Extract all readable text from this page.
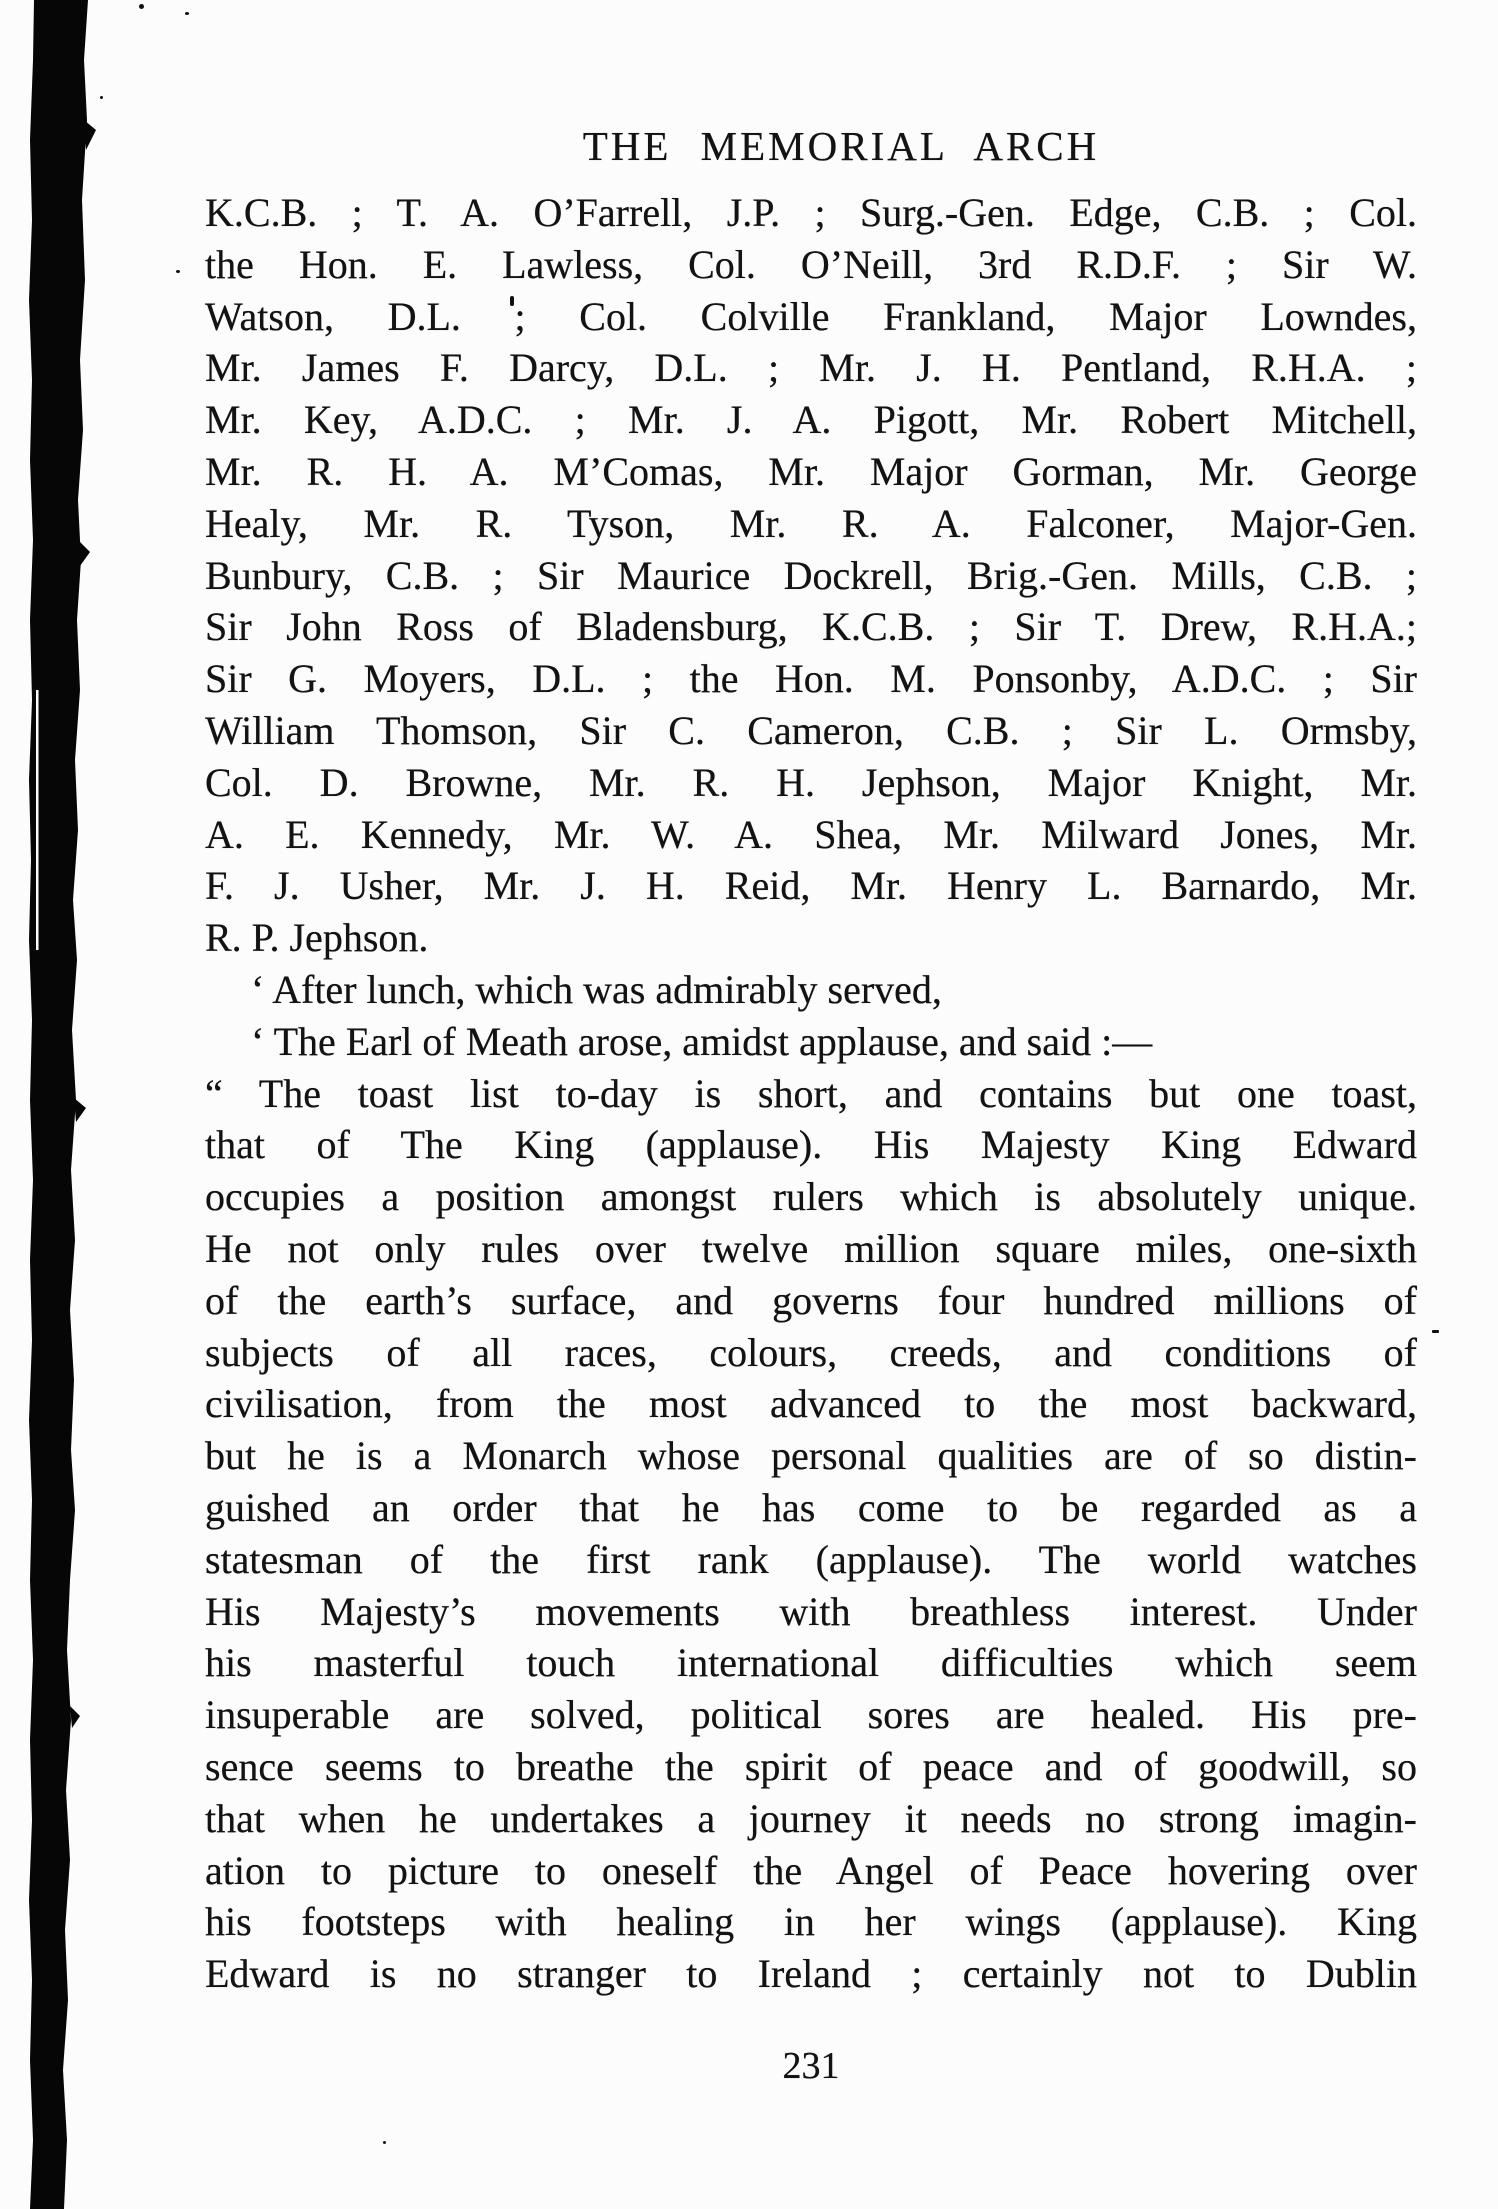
THE MEMORIAL ARCH
K.C.B. ; T. A. O’Farrell, J.P. ; Surg.-Gen. Edge, C.B. ; Col.
the Hon. E. Lawless, Col. O’Neill, 3rd R.D.F. ; Sir W.
Watson, D.L. ; Col. Colville Frankland, Major Lowndes,
Mr. James F. Darcy, D.L. ; Mr. J. H. Pentland, R.H.A. ;
Mr. Key, A.D.C. ; Mr. J. A. Pigott, Mr. Robert Mitchell,
Mr. R. H. A. M’Comas, Mr. Major Gorman, Mr. George
Healy, Mr. R. Tyson, Mr. R. A. Falconer, Major-Gen.
Bunbury, C.B. ; Sir Maurice Dockrell, Brig.-Gen. Mills, C.B. ;
Sir John Ross of Bladensburg, K.C.B. ; Sir T. Drew, R.H.A.;
Sir G. Moyers, D.L. ; the Hon. M. Ponsonby, A.D.C. ; Sir
William Thomson, Sir C. Cameron, C.B. ; Sir L. Ormsby,
Col. D. Browne, Mr. R. H. Jephson, Major Knight, Mr.
A. E. Kennedy, Mr. W. A. Shea, Mr. Milward Jones, Mr.
F. J. Usher, Mr. J. H. Reid, Mr. Henry L. Barnardo, Mr.
R. P. Jephson.
‘ After lunch, which was admirably served,
‘ The Earl of Meath arose, amidst applause, and said :—
“ The toast list to-day is short, and contains but one toast,
that of The King (applause). His Majesty King Edward
occupies a position amongst rulers which is absolutely unique.
He not only rules over twelve million square miles, one-sixth
of the earth’s surface, and governs four hundred millions of
subjects of all races, colours, creeds, and conditions of
civilisation, from the most advanced to the most backward,
but he is a Monarch whose personal qualities are of so distin-
guished an order that he has come to be regarded as a
statesman of the first rank (applause). The world watches
His Majesty’s movements with breathless interest. Under
his masterful touch international difficulties which seem
insuperable are solved, political sores are healed. His pre-
sence seems to breathe the spirit of peace and of goodwill, so
that when he undertakes a journey it needs no strong imagin-
ation to picture to oneself the Angel of Peace hovering over
his footsteps with healing in her wings (applause). King
Edward is no stranger to Ireland ; certainly not to Dublin
231
